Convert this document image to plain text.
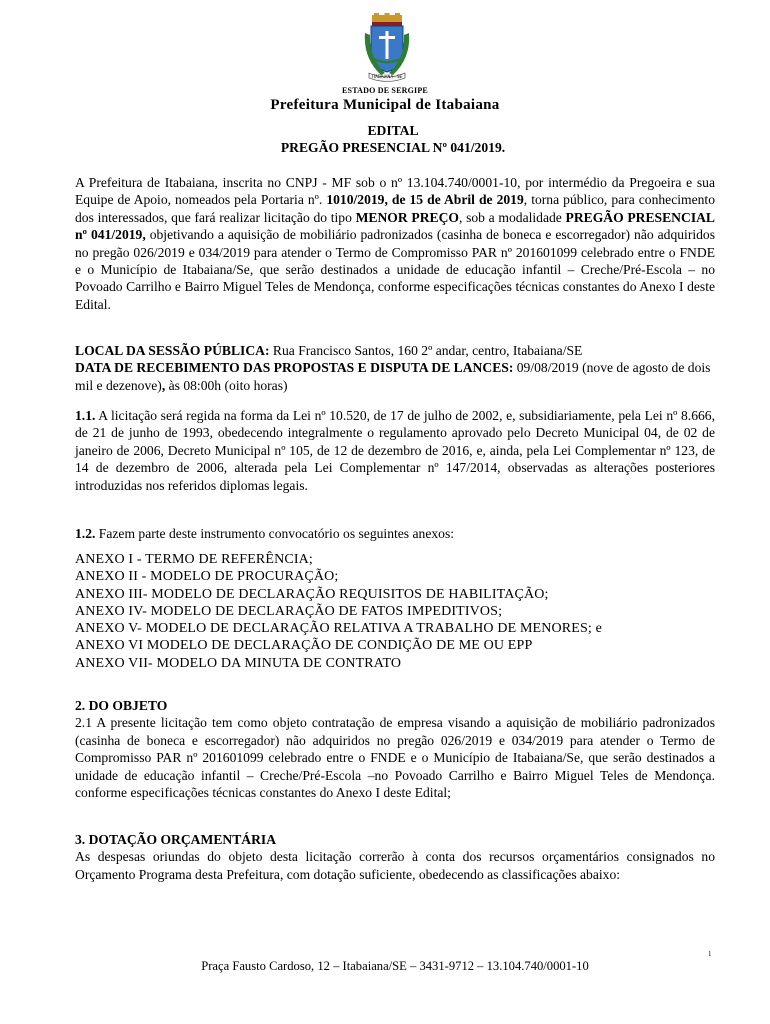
ITABAIANA · SE
ESTADO DE SERGIPE
Prefeitura Municipal de Itabaiana
EDITAL
PREGÃO PRESENCIAL Nº 041/2019.
A Prefeitura de Itabaiana, inscrita no CNPJ - MF sob o nº 13.104.740/0001-10, por intermédio da Pregoeira e sua Equipe de Apoio, nomeados pela Portaria nº. 1010/2019, de 15 de Abril de 2019, torna público, para conhecimento dos interessados, que fará realizar licitação do tipo MENOR PREÇO, sob a modalidade PREGÃO PRESENCIAL nº 041/2019, objetivando a aquisição de mobiliário padronizados (casinha de boneca e escorregador) não adquiridos no pregão 026/2019 e 034/2019 para atender o Termo de Compromisso PAR nº 201601099 celebrado entre o FNDE e o Município de Itabaiana/Se, que serão destinados a unidade de educação infantil – Creche/Pré-Escola – no Povoado Carrilho e Bairro Miguel Teles de Mendonça, conforme especificações técnicas constantes do Anexo I deste Edital.
LOCAL DA SESSÃO PÚBLICA: Rua Francisco Santos, 160 2º andar, centro, Itabaiana/SE
DATA DE RECEBIMENTO DAS PROPOSTAS E DISPUTA DE LANCES: 09/08/2019 (nove de agosto de dois mil e dezenove), às 08:00h (oito horas)
1.1. A licitação será regida na forma da Lei nº 10.520, de 17 de julho de 2002, e, subsidiariamente, pela Lei nº 8.666, de 21 de junho de 1993, obedecendo integralmente o regulamento aprovado pelo Decreto Municipal 04, de 02 de janeiro de 2006, Decreto Municipal nº 105, de 12 de dezembro de 2016, e, ainda, pela Lei Complementar nº 123, de 14 de dezembro de 2006, alterada pela Lei Complementar nº 147/2014, observadas as alterações posteriores introduzidas nos referidos diplomas legais.
1.2. Fazem parte deste instrumento convocatório os seguintes anexos:
ANEXO I - TERMO DE REFERÊNCIA;
ANEXO II - MODELO DE PROCURAÇÃO;
ANEXO III- MODELO DE DECLARAÇÃO REQUISITOS DE HABILITAÇÃO;
ANEXO IV- MODELO DE DECLARAÇÃO DE FATOS IMPEDITIVOS;
ANEXO V- MODELO DE DECLARAÇÃO RELATIVA A TRABALHO DE MENORES; e
ANEXO VI MODELO DE DECLARAÇÃO DE CONDIÇÃO DE ME OU EPP
ANEXO VII- MODELO DA MINUTA DE CONTRATO
2. DO OBJETO
2.1 A presente licitação tem como objeto contratação de empresa visando a aquisição de mobiliário padronizados (casinha de boneca e escorregador) não adquiridos no pregão 026/2019 e 034/2019 para atender o Termo de Compromisso PAR nº 201601099 celebrado entre o FNDE e o Município de Itabaiana/Se, que serão destinados a unidade de educação infantil – Creche/Pré-Escola –no Povoado Carrilho e Bairro Miguel Teles de Mendonça. conforme especificações técnicas constantes do Anexo I deste Edital;
3. DOTAÇÃO ORÇAMENTÁRIA
As despesas oriundas do objeto desta licitação correrão à conta dos recursos orçamentários consignados no Orçamento Programa desta Prefeitura, com dotação suficiente, obedecendo as classificações abaixo:
1
Praça Fausto Cardoso, 12 – Itabaiana/SE – 3431-9712 – 13.104.740/0001-10
